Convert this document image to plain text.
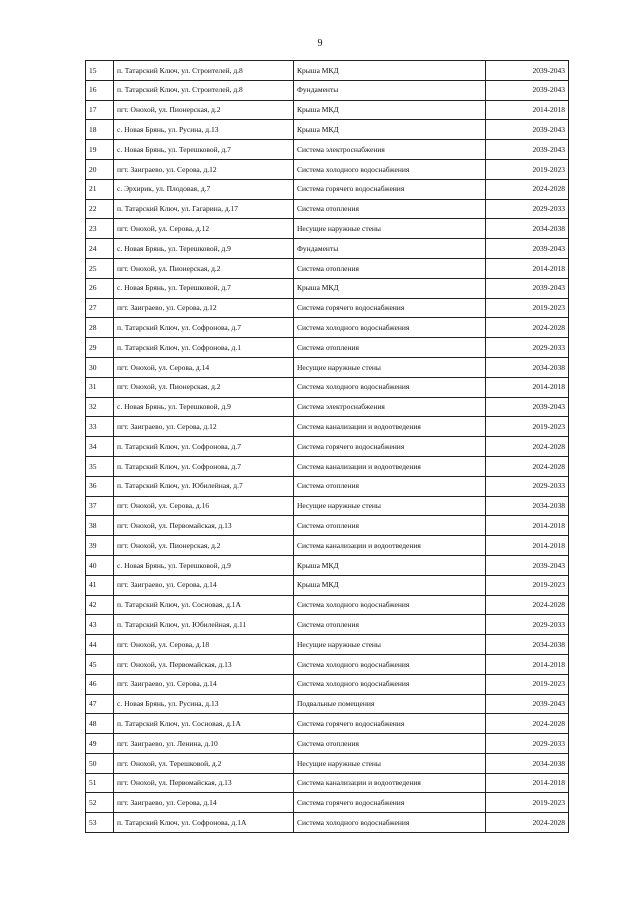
9
15	п. Татарский Ключ, ул. Строителей, д.8	Крыша МКД	2039-2043
16	п. Татарский Ключ, ул. Строителей, д.8	Фундаменты	2039-2043
17	пгт. Онохой, ул. Пионерская, д.2	Крыша МКД	2014-2018
18	с. Новая Брянь, ул. Русина, д.13	Крыша МКД	2039-2043
19	с. Новая Брянь, ул. Терешковой, д.7	Система электроснабжения	2039-2043
20	пгт. Заиграево, ул. Серова, д.12	Система холодного водоснабжения	2019-2023
21	с. Эрхирик, ул. Плодовая, д.7	Система горячего водоснабжения	2024-2028
22	п. Татарский Ключ, ул. Гагарина, д.17	Система отопления	2029-2033
23	пгт. Онохой, ул. Серова, д.12	Несущие наружные стены	2034-2038
24	с. Новая Брянь, ул. Терешковой, д.9	Фундаменты	2039-2043
25	пгт. Онохой, ул. Пионерская, д.2	Система отопления	2014-2018
26	с. Новая Брянь, ул. Терешковой, д.7	Крыша МКД	2039-2043
27	пгт. Заиграево, ул. Серова, д.12	Система горячего водоснабжения	2019-2023
28	п. Татарский Ключ, ул. Софронова, д.7	Система холодного водоснабжения	2024-2028
29	п. Татарский Ключ, ул. Софронова, д.1	Система отопления	2029-2033
30	пгт. Онохой, ул. Серова, д.14	Несущие наружные стены	2034-2038
31	пгт. Онохой, ул. Пионерская, д.2	Система холодного водоснабжения	2014-2018
32	с. Новая Брянь, ул. Терешковой, д.9	Система электроснабжения	2039-2043
33	пгт. Заиграево, ул. Серова, д.12	Система канализации и водоотведения	2019-2023
34	п. Татарский Ключ, ул. Софронова, д.7	Система горячего водоснабжения	2024-2028
35	п. Татарский Ключ, ул. Софронова, д.7	Система канализации и водоотведения	2024-2028
36	п. Татарский Ключ, ул. Юбилейная, д.7	Система отопления	2029-2033
37	пгт. Онохой, ул. Серова, д.16	Несущие наружные стены	2034-2038
38	пгт. Онохой, ул. Первомайская, д.13	Система отопления	2014-2018
39	пгт. Онохой, ул. Пионерская, д.2	Система канализации и водоотведения	2014-2018
40	с. Новая Брянь, ул. Терешковой, д.9	Крыша МКД	2039-2043
41	пгт. Заиграево, ул. Серова, д.14	Крыша МКД	2019-2023
42	п. Татарский Ключ, ул. Сосновая, д.1А	Система холодного водоснабжения	2024-2028
43	п. Татарский Ключ, ул. Юбилейная, д.11	Система отопления	2029-2033
44	пгт. Онохой, ул. Серова, д.18	Несущие наружные стены	2034-2038
45	пгт. Онохой, ул. Первомайская, д.13	Система холодного водоснабжения	2014-2018
46	пгт. Заиграево, ул. Серова, д.14	Система холодного водоснабжения	2019-2023
47	с. Новая Брянь, ул. Русина, д.13	Подвальные помещения	2039-2043
48	п. Татарский Ключ, ул. Сосновая, д.1А	Система горячего водоснабжения	2024-2028
49	пгт. Заиграево, ул. Ленина, д.10	Система отопления	2029-2033
50	пгт. Онохой, ул. Терешковой, д.2	Несущие наружные стены	2034-2038
51	пгт. Онохой, ул. Первомайская, д.13	Система канализации и водоотведения	2014-2018
52	пгт. Заиграево, ул. Серова, д.14	Система горячего водоснабжения	2019-2023
53	п. Татарский Ключ, ул. Софронова, д.1А	Система холодного водоснабжения	2024-2028
